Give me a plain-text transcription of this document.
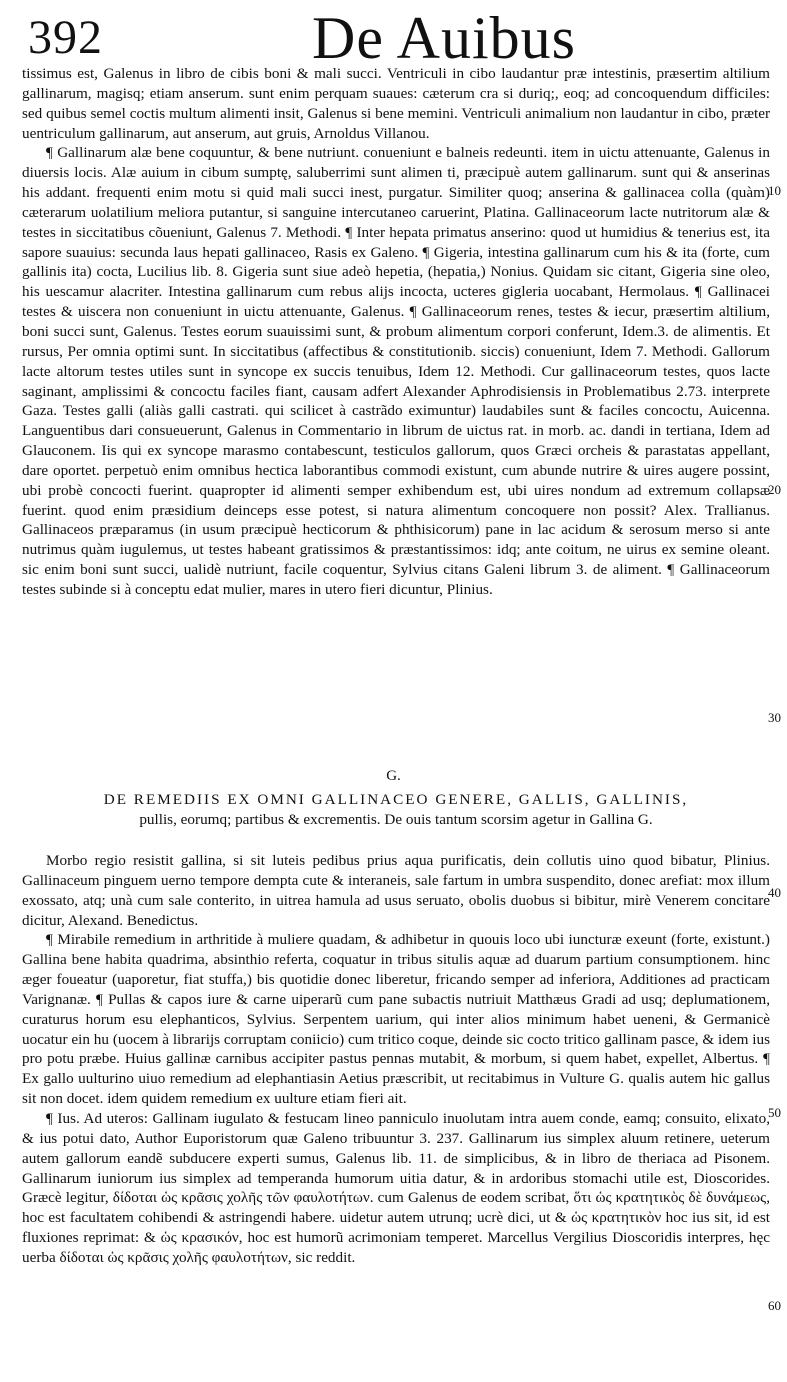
392	De Auibus

tissimus est, Galenus in libro de cibis boni & mali succi. Ventriculi in cibo laudantur præ intestinis, præsertim altilium gallinarum, magisq; etiam anserum. sunt enim perquam suaues: cæterum cra si duriq;, eoq; ad concoquendum difficiles: sed quibus semel coctis multum alimenti insit, Galenus si bene memini. Ventriculi animalium non laudantur in cibo, præter uentriculum gallinarum, aut anserum, aut gruis, Arnoldus Villanou.

¶ Gallinarum alæ bene coquuntur, & bene nutriunt. conueniunt e balneis redeunti. item in uictu attenuante, Galenus in diuersis locis. Alæ auium in cibum sumptę, saluberrimi sunt alimen ti, præcipuè autem gallinarum. sunt qui & anserinas his addant. frequenti enim motu si quid mali succi inest, purgatur. Similiter quoq; anserina & gallinacea colla (quàm) cæterarum uolatilium meliora putantur, si sanguine intercutaneo caruerint, Platina. Gallinaceorum lacte nutritorum alæ & testes in siccitatibus cõueniunt, Galenus 7. Methodi. ¶ Inter hepata primatus anserino: quod ut humidius & tenerius est, ita sapore suauius: secunda laus hepati gallinaceo, Rasis ex Galeno. ¶ Gigeria, intestina gallinarum cum his & ita (forte, cum gallinis ita) cocta, Lucilius lib. 8. Gigeria sunt siue adeò hepetia, (hepatia,) Nonius. Quidam sic citant, Gigeria sine oleo, his uescamur alacriter. Intestina gallinarum cum rebus alijs incocta, ucteres gigleria uocabant, Hermolaus. ¶ Gallinacei testes & uiscera non conueniunt in uictu attenuante, Galenus. ¶ Gallinaceorum renes, testes & iecur, præsertim altilium, boni succi sunt, Galenus. Testes eorum suauissimi sunt, & probum alimentum corpori conferunt, Idem.3. de alimentis. Et rursus, Per omnia optimi sunt. In siccitatibus (affectibus & constitutionib. siccis) conueniunt, Idem 7. Methodi. Gallorum lacte altorum testes utiles sunt in syncope ex succis tenuibus, Idem 12. Methodi. Cur gallinaceorum testes, quos lacte saginant, amplissimi & concoctu faciles fiant, causam adfert Alexander Aphrodisiensis in Problematibus 2.73. interprete Gaza. Testes galli (aliàs galli castrati. qui scilicet à castrãdo eximuntur) laudabiles sunt & faciles concoctu, Auicenna. Languentibus dari consueuerunt, Galenus in Commentario in librum de uictus rat. in morb. ac. dandi in tertiana, Idem ad Glauconem. Iis qui ex syncope marasmo contabescunt, testiculos gallorum, quos Græci orcheis & parastatas appellant, dare oportet. perpetuò enim omnibus hectica laborantibus commodi existunt, cum abunde nutrire & uires augere possint, ubi probè concocti fuerint. quapropter id alimenti semper exhibendum est, ubi uires nondum ad extremum collapsæ fuerint. quod enim præsidium deinceps esse potest, si natura alimentum concoquere non possit? Alex. Trallianus. Gallinaceos præparamus (in usum præcipuè hecticorum & phthisicorum) pane in lac acidum & serosum merso si ante nutrimus quàm iugulemus, ut testes habeant gratissimos & præstantissimos: idq; ante coitum, ne uirus ex semine oleant. sic enim boni sunt succi, ualidè nutriunt, facile coquentur, Sylvius citans Galeni librum 3. de aliment. ¶ Gallinaceorum testes subinde si à conceptu edat mulier, mares in utero fieri dicuntur, Plinius.

10
20
30
40
50
60
G.
DE REMEDIIS EX OMNI GALLINACEO GENERE, GALLIS, GALLINIS,
pullis, eorumq; partibus & excrementis. De ouis tantum scorsim agetur in Gallina G.

Morbo regio resistit gallina, si sit luteis pedibus prius aqua purificatis, dein collutis uino quod bibatur, Plinius. Gallinaceum pinguem uerno tempore dempta cute & interaneis, sale fartum in umbra suspendito, donec arefiat: mox illum exossato, atq; unà cum sale conterito, in uitrea hamula ad usus seruato, obolis duobus si bibitur, mirè Venerem concitare dicitur, Alexand. Benedictus.

¶ Mirabile remedium in arthritide à muliere quadam, & adhibetur in quouis loco ubi iuncturæ exeunt (forte, existunt.) Gallina bene habita quadrima, absinthio referta, coquatur in tribus situlis aquæ ad duarum partium consumptionem. hinc æger foueatur (uaporetur, fiat stuffa,) bis quotidie donec liberetur, fricando semper ad inferiora, Additiones ad practicam Varignanæ. ¶ Pullas & capos iure & carne uiperarũ cum pane subactis nutriuit Matthæus Gradi ad usq; deplumationem, curaturus horum esu elephanticos, Sylvius. Serpentem uarium, qui inter alios minimum habet ueneni, & Germanicè uocatur ein hu (uocem à librarijs corruptam coniicio) cum tritico coque, deinde sic cocto tritico gallinam pasce, & idem ius pro potu præbe. Huius gallinæ carnibus accipiter pastus pennas mutabit, & morbum, si quem habet, expellet, Albertus. ¶ Ex gallo uulturino uiuo remedium ad elephantiasin Aetius præscribit, ut recitabimus in Vulture G. qualis autem hic gallus sit non docet. idem quidem remedium ex uulture etiam fieri ait.

¶ Ius. Ad uteros: Gallinam iugulato & festucam lineo panniculo inuolutam intra auem conde, eamq; consuito, elixato, & ius potui dato, Author Euporistorum quæ Galeno tribuuntur 3. 237. Gallinarum ius simplex aluum retinere, ueterum autem gallorum eandẽ subducere experti sumus, Galenus lib. 11. de simplicibus, & in libro de theriaca ad Pisonem. Gallinarum iuniorum ius simplex ad temperanda humorum uitia datur, & in ardoribus stomachi utile est, Dioscorides. Græcè legitur, δίδοται ὡς κρᾶσις χολῆς τῶν φαυλοτήτων. cum Galenus de eodem scribat, ὅτι ὡς κρατητικὸς δὲ δυνάμεως, hoc est facultatem cohibendi & astringendi habere. uidetur autem utrunq; ucrè dici, ut & ὡς κρατητικὸν hoc ius sit, id est fluxiones reprimat: & ὡς κρασικόν, hoc est humorũ acrimoniam temperet. Marcellus Vergilius Dioscoridis interpres, hęc uerba δίδοται ὡς κρᾶσις χολῆς φαυλοτήτων, sic reddit.
